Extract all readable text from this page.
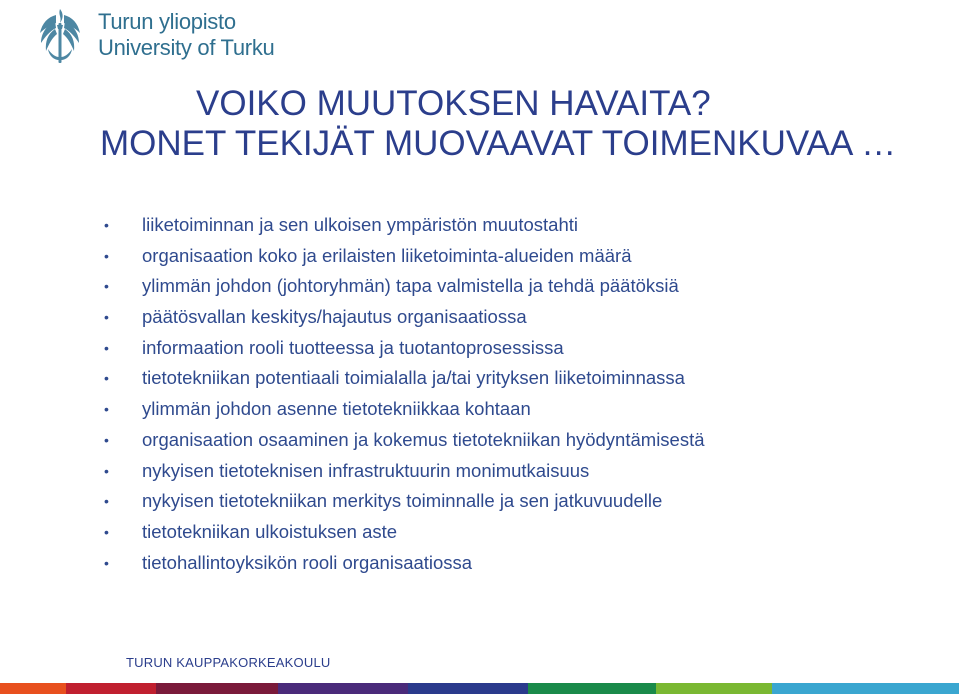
Turun yliopisto
University of Turku
VOIKO MUUTOKSEN HAVAITA?
MONET TEKIJÄT MUOVAAVAT TOIMENKUVAA …
• liiketoiminnan ja sen ulkoisen ympäristön muutostahti
• organisaation koko ja erilaisten liiketoiminta-alueiden määrä
• ylimmän johdon (johtoryhmän) tapa valmistella ja tehdä päätöksiä
• päätösvallan keskitys/hajautus organisaatiossa
• informaation rooli tuotteessa ja tuotantoprosessissa
• tietotekniikan potentiaali toimialalla ja/tai yrityksen liiketoiminnassa
• ylimmän johdon asenne tietotekniikkaa kohtaan
• organisaation osaaminen ja kokemus tietotekniikan hyödyntämisestä
• nykyisen tietoteknisen infrastruktuurin monimutkaisuus
• nykyisen tietotekniikan merkitys toiminnalle ja sen jatkuvuudelle
• tietotekniikan ulkoistuksen aste
• tietohallintoyksikön rooli organisaatiossa
TURUN KAUPPAKORKEAKOULU
